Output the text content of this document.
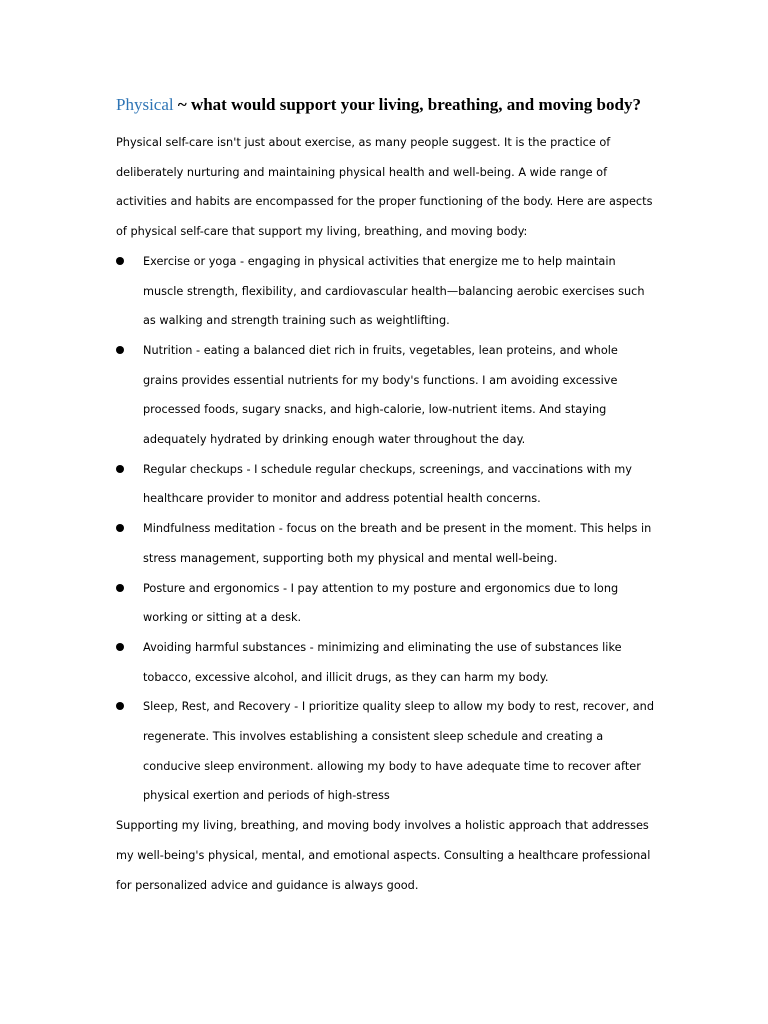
Physical ~ what would support your living, breathing, and moving body?

Physical self-care isn't just about exercise, as many people suggest. It is the practice of deliberately nurturing and maintaining physical health and well-being. A wide range of activities and habits are encompassed for the proper functioning of the body. Here are aspects of physical self-care that support my living, breathing, and moving body:

Exercise or yoga - engaging in physical activities that energize me to help maintain muscle strength, flexibility, and cardiovascular health—balancing aerobic exercises such as walking and strength training such as weightlifting.
Nutrition - eating a balanced diet rich in fruits, vegetables, lean proteins, and whole grains provides essential nutrients for my body's functions. I am avoiding excessive processed foods, sugary snacks, and high-calorie, low-nutrient items. And staying adequately hydrated by drinking enough water throughout the day.
Regular checkups - I schedule regular checkups, screenings, and vaccinations with my healthcare provider to monitor and address potential health concerns.
Mindfulness meditation - focus on the breath and be present in the moment. This helps in stress management, supporting both my physical and mental well-being.
Posture and ergonomics - I pay attention to my posture and ergonomics due to long working or sitting at a desk.
Avoiding harmful substances - minimizing and eliminating the use of substances like tobacco, excessive alcohol, and illicit drugs, as they can harm my body.
Sleep, Rest, and Recovery - I prioritize quality sleep to allow my body to rest, recover, and regenerate. This involves establishing a consistent sleep schedule and creating a conducive sleep environment. allowing my body to have adequate time to recover after physical exertion and periods of high-stress

Supporting my living, breathing, and moving body involves a holistic approach that addresses my well-being's physical, mental, and emotional aspects. Consulting a healthcare professional for personalized advice and guidance is always good.
